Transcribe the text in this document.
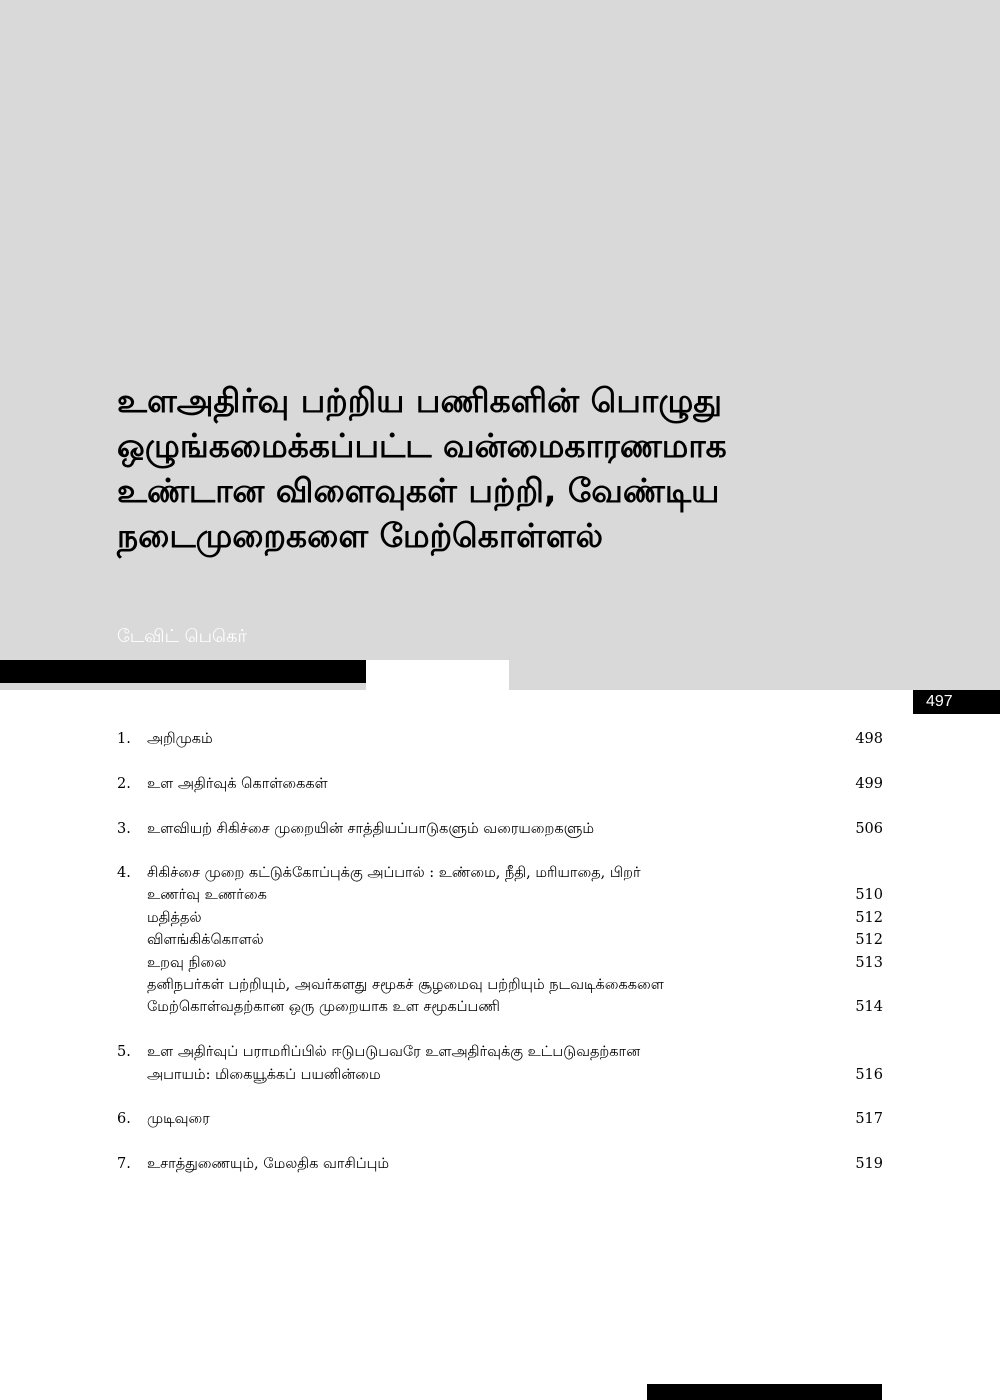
உளஅதிர்வு பற்றிய பணிகளின் பொழுது
ஒழுங்கமைக்கப்பட்ட வன்மைகாரணமாக
உண்டான விளைவுகள் பற்றி, வேண்டிய
நடைமுறைகளை மேற்கொள்ளல்
டேவிட் பெகெர்
497
1. அறிமுகம்	498
2. உள அதிர்வுக் கொள்கைகள்	499
3. உளவியற் சிகிச்சை முறையின் சாத்தியப்பாடுகளும் வரையறைகளும்	506
4. சிகிச்சை முறை கட்டுக்கோப்புக்கு அப்பால் : உண்மை, நீதி, மரியாதை, பிறர்
உணர்வு உணர்கை	510
மதித்தல்	512
விளங்கிக்கொளல்	512
உறவு நிலை	513
தனிநபர்கள் பற்றியும், அவர்களது சமூகச் சூழமைவு பற்றியும் நடவடிக்கைகளை
மேற்கொள்வதற்கான ஒரு முறையாக உள சமூகப்பணி	514
5. உள அதிர்வுப் பராமரிப்பில் ஈடுபடுபவரே உளஅதிர்வுக்கு உட்படுவதற்கான
அபாயம்: மிகையூக்கப் பயனின்மை	516
6. முடிவுரை	517
7. உசாத்துணையும், மேலதிக வாசிப்பும்	519
